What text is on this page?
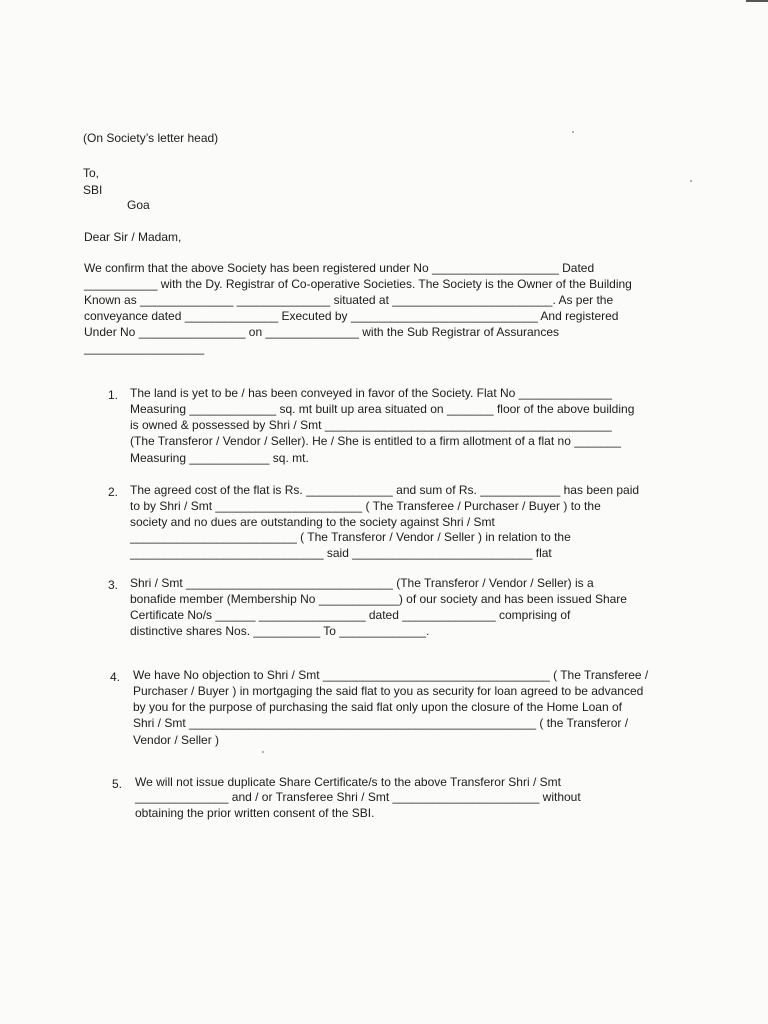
(On Society’s letter head)
To,
SBI
Goa
Dear Sir / Madam,
We confirm that the above Society has been registered under No ___________________ Dated
___________ with the Dy. Registrar of Co-operative Societies. The Society is the Owner of the Building
Known as ______________ ______________ situated at ________________________. As per the
conveyance dated ______________ Executed by ____________________________ And registered
Under No ________________ on ______________ with the Sub Registrar of Assurances
__________________
1. The land is yet to be / has been conveyed in favor of the Society. Flat No ______________
Measuring _____________ sq. mt built up area situated on _______ floor of the above building
is owned & possessed by Shri / Smt ___________________________________________
(The Transferor / Vendor / Seller). He / She is entitled to a firm allotment of a flat no _______
Measuring ____________ sq. mt.
2. The agreed cost of the flat is Rs. _____________ and sum of Rs. ____________ has been paid
to by Shri / Smt ______________________ ( The Transferee / Purchaser / Buyer ) to the
society and no dues are outstanding to the society against Shri / Smt
_________________________ ( The Transferor / Vendor / Seller ) in relation to the
_____________________________ said ___________________________ flat
3. Shri / Smt _______________________________ (The Transferor / Vendor / Seller) is a
bonafide member (Membership No ____________) of our society and has been issued Share
Certificate No/s ______ ________________ dated ______________ comprising of
distinctive shares Nos. __________ To _____________.
4. We have No objection to Shri / Smt __________________________________ ( The Transferee /
Purchaser / Buyer ) in mortgaging the said flat to you as security for loan agreed to be advanced
by you for the purpose of purchasing the said flat only upon the closure of the Home Loan of
Shri / Smt ____________________________________________________ ( the Transferor /
Vendor / Seller )
5. We will not issue duplicate Share Certificate/s to the above Transferor Shri / Smt
______________ and / or Transferee Shri / Smt ______________________ without
obtaining the prior written consent of the SBI.
